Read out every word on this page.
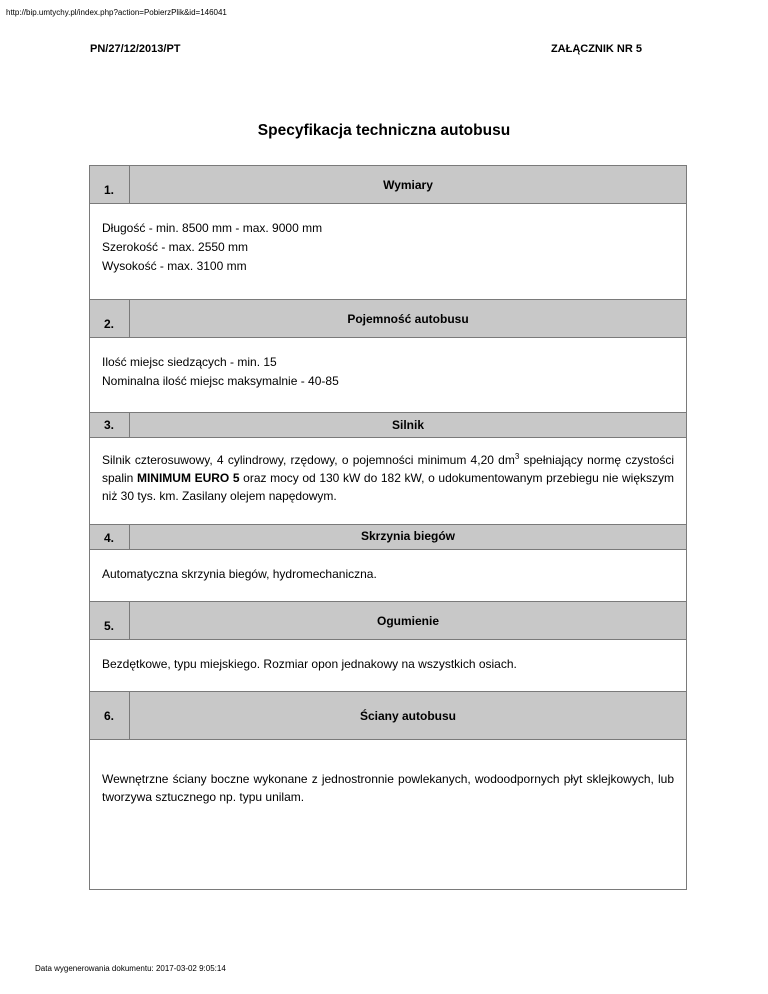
http://bip.umtychy.pl/index.php?action=PobierzPlik&id=146041
PN/27/12/2013/PT	ZAŁĄCZNIK NR 5
Specyfikacja techniczna autobusu
1.	Wymiary

Długość - min. 8500 mm - max. 9000 mm

Szerokość - max. 2550 mm

Wysokość - max. 3100 mm

2.	Pojemność autobusu

Ilość miejsc siedzących - min. 15

Nominalna ilość miejsc maksymalnie - 40-85

3.	Silnik

Silnik czterosuwowy, 4 cylindrowy, rzędowy, o pojemności minimum 4,20 $dm^3$ spełniający normę czystości spalin MINIMUM EURO 5 oraz mocy od 130 kW do 182 kW, o udokumentowanym przebiegu nie większym niż 30 tys. km. Zasilany olejem napędowym.

4.	Skrzynia biegów

Automatyczna skrzynia biegów, hydromechaniczna.

5.	Ogumienie

Bezdętkowe, typu miejskiego. Rozmiar opon jednakowy na wszystkich osiach.

6.	Ściany autobusu

Wewnętrzne ściany boczne wykonane z jednostronnie powlekanych, wodoodpornych płyt sklejkowych, lub tworzywa sztucznego np. typu unilam.

Data wygenerowania dokumentu: 2017-03-02 9:05:14
